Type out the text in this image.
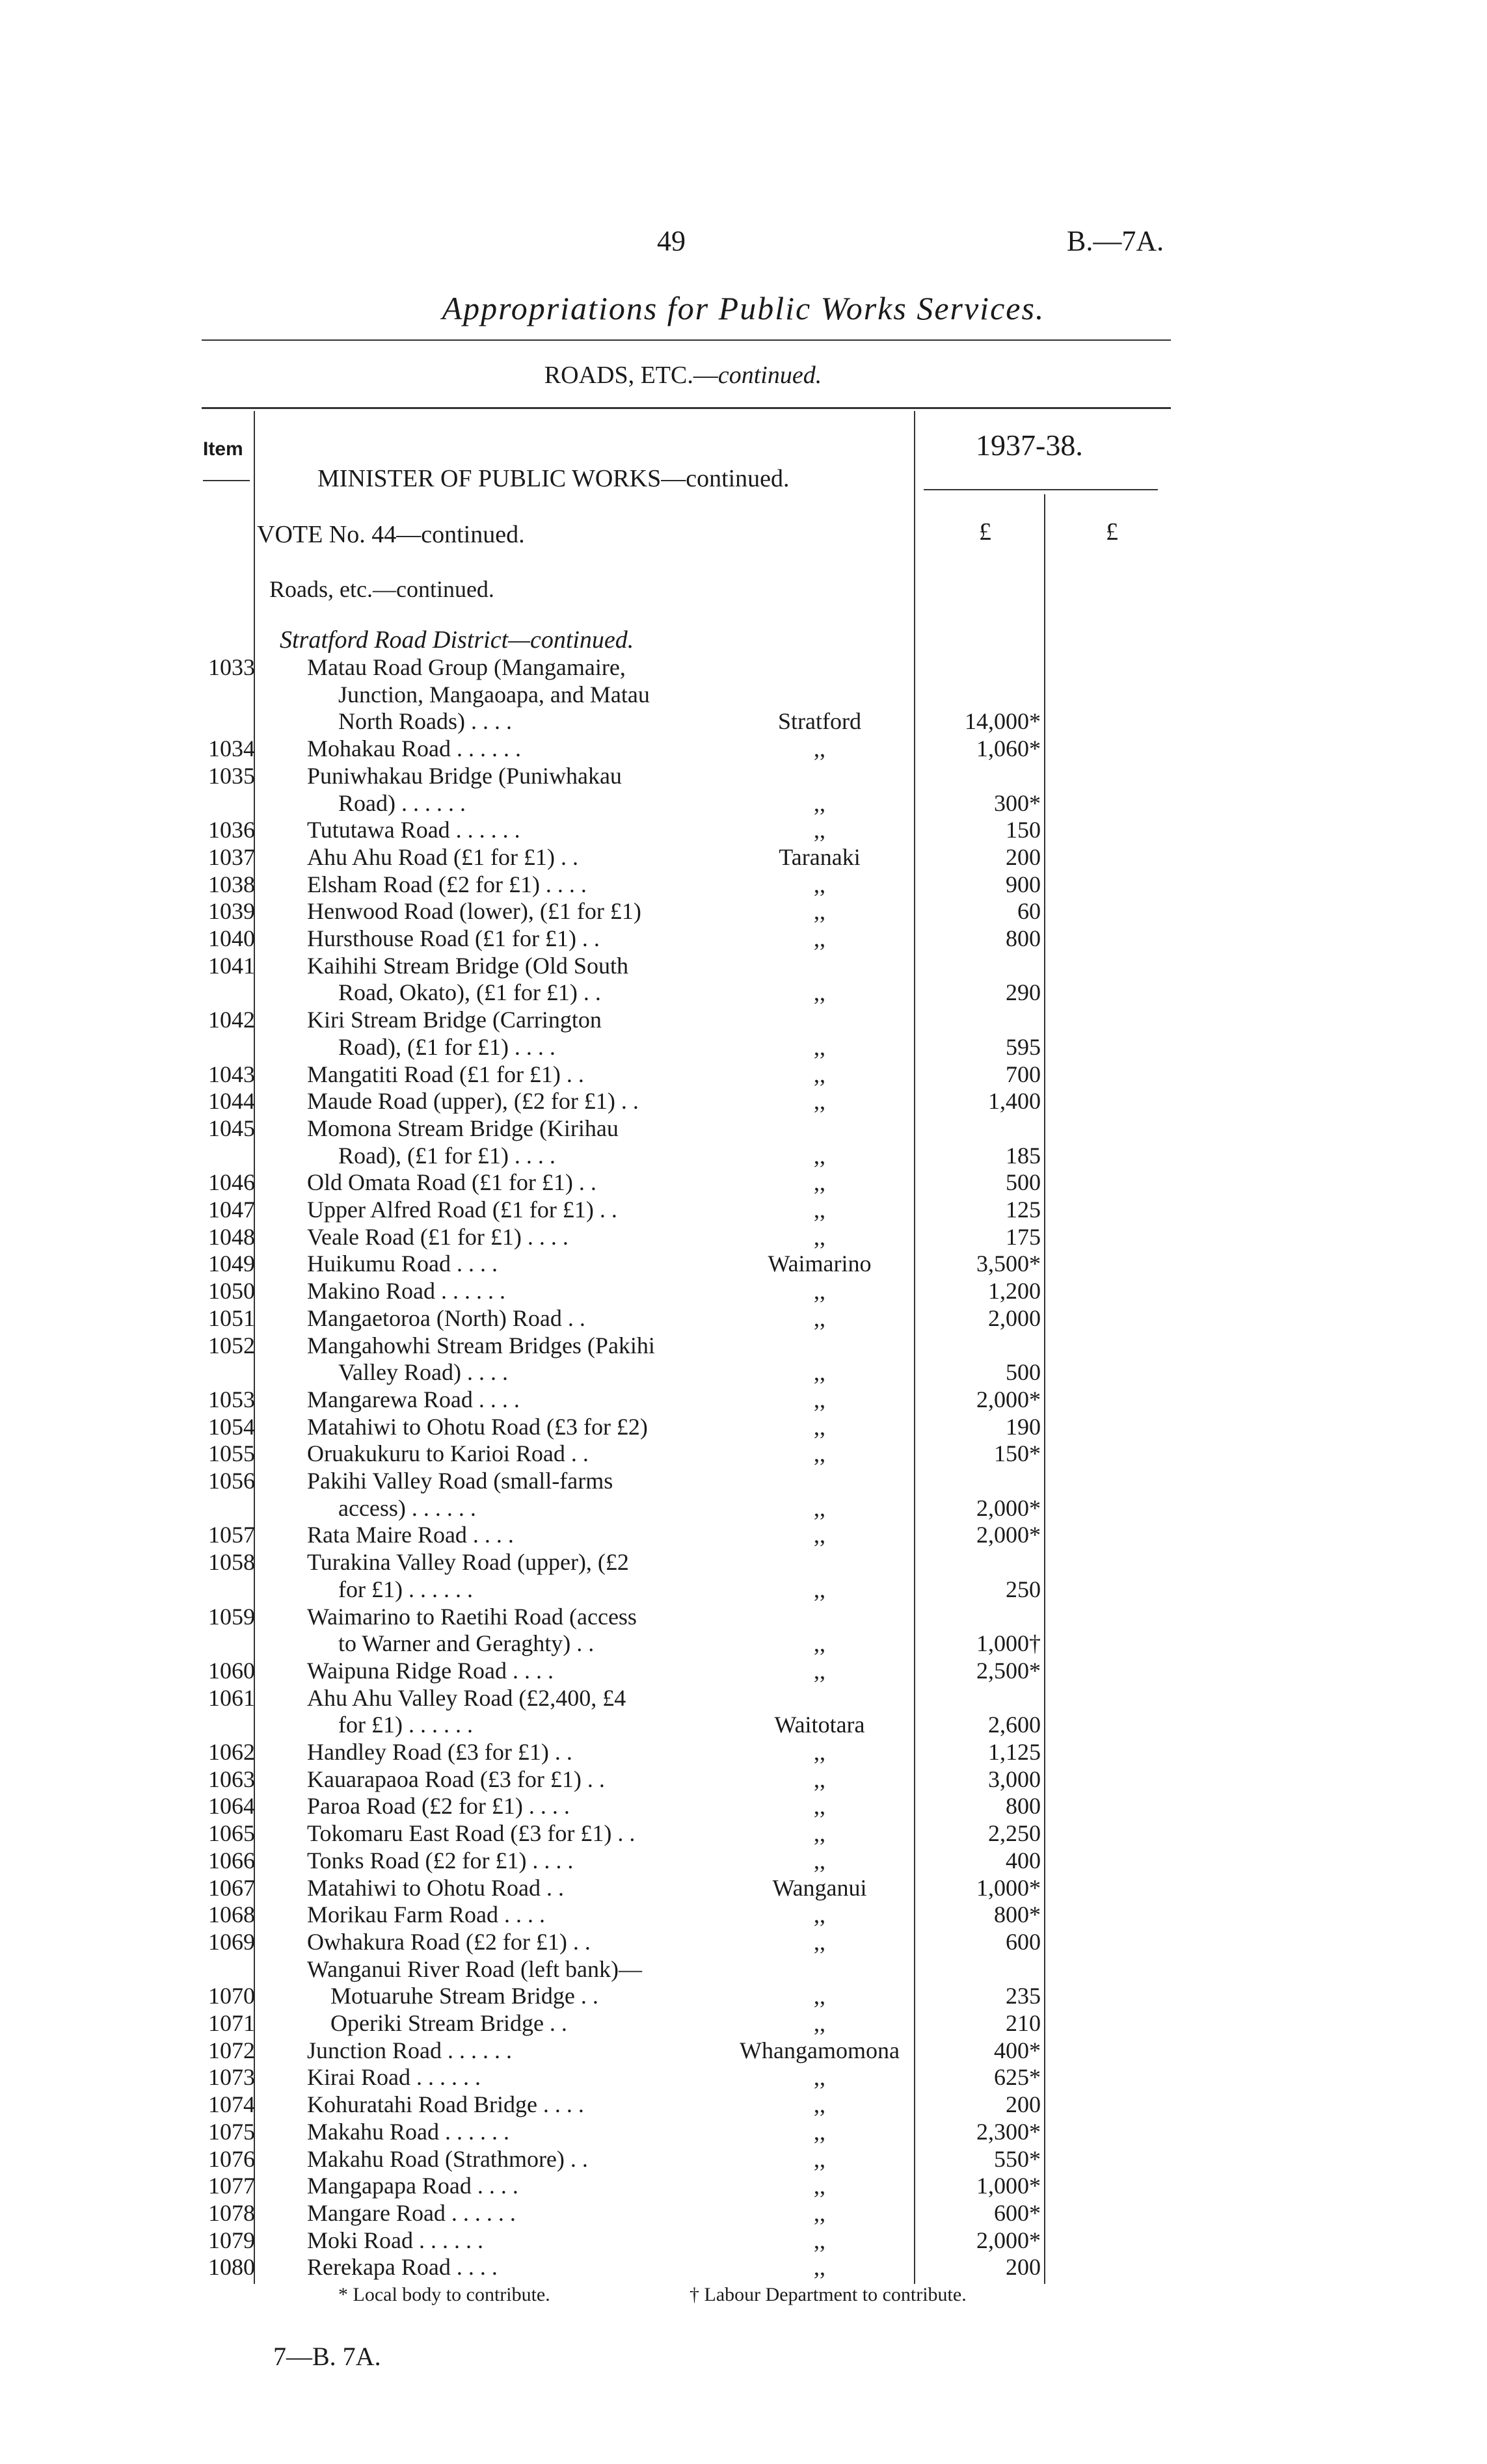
49	B.—7A.
Appropriations for Public Works Services.
ROADS, ETC.—continued.
Item	1937-38.
MINISTER OF PUBLIC WORKS—continued.
VOTE No. 44—continued.	£	£
Roads, etc.—continued.
Stratford Road District—continued.
1033 Matau Road Group (Mangamaire,
Junction, Mangaoapa, and Matau
North Roads) . . . .	Stratford	14,000*
1034 Mohakau Road . . . . . .	,,	1,060*
1035 Puniwhakau Bridge (Puniwhakau
Road) . . . . . .	,,	300*
1036 Tututawa Road . . . . . .	,,	150
1037 Ahu Ahu Road (£1 for £1) . .	Taranaki	200
1038 Elsham Road (£2 for £1) . . . .	,,	900
1039 Henwood Road (lower), (£1 for £1)	,,	60
1040 Hursthouse Road (£1 for £1) . .	,,	800
1041 Kaihihi Stream Bridge (Old South
Road, Okato), (£1 for £1) . .	,,	290
1042 Kiri Stream Bridge (Carrington
Road), (£1 for £1) . . . .	,,	595
1043 Mangatiti Road (£1 for £1) . .	,,	700
1044 Maude Road (upper), (£2 for £1) . .	,,	1,400
1045 Momona Stream Bridge (Kirihau
Road), (£1 for £1) . . . .	,,	185
1046 Old Omata Road (£1 for £1) . .	,,	500
1047 Upper Alfred Road (£1 for £1) . .	,,	125
1048 Veale Road (£1 for £1) . . . .	,,	175
1049 Huikumu Road . . . .	Waimarino	3,500*
1050 Makino Road . . . . . .	,,	1,200
1051 Mangaetoroa (North) Road . .	,,	2,000
1052 Mangahowhi Stream Bridges (Pakihi
Valley Road) . . . .	,,	500
1053 Mangarewa Road . . . .	,,	2,000*
1054 Matahiwi to Ohotu Road (£3 for £2)	,,	190
1055 Oruakukuru to Karioi Road . .	,,	150*
1056 Pakihi Valley Road (small-farms
access) . . . . . .	,,	2,000*
1057 Rata Maire Road . . . .	,,	2,000*
1058 Turakina Valley Road (upper), (£2
for £1) . . . . . .	,,	250
1059 Waimarino to Raetihi Road (access
to Warner and Geraghty) . .	,,	1,000†
1060 Waipuna Ridge Road . . . .	,,	2,500*
1061 Ahu Ahu Valley Road (£2,400, £4
for £1) . . . . . .	Waitotara	2,600
1062 Handley Road (£3 for £1) . .	,,	1,125
1063 Kauarapaoa Road (£3 for £1) . .	,,	3,000
1064 Paroa Road (£2 for £1) . . . .	,,	800
1065 Tokomaru East Road (£3 for £1) . .	,,	2,250
1066 Tonks Road (£2 for £1) . . . .	,,	400
1067 Matahiwi to Ohotu Road . .	Wanganui	1,000*
1068 Morikau Farm Road . . . .	,,	800*
1069 Owhakura Road (£2 for £1) . .	,,	600
Wanganui River Road (left bank)—
1070	Motuaruhe Stream Bridge . .	,,	235
1071	Operiki Stream Bridge . .	,,	210
1072 Junction Road . . . . . .	Whangamomona	400*
1073 Kirai Road . . . . . .	,,	625*
1074 Kohuratahi Road Bridge . . . .	,,	200
1075 Makahu Road . . . . . .	,,	2,300*
1076 Makahu Road (Strathmore) . .	,,	550*
1077 Mangapapa Road . . . .	,,	1,000*
1078 Mangare Road . . . . . .	,,	600*
1079 Moki Road . . . . . .	,,	2,000*
1080 Rerekapa Road . . . .	,,	200
* Local body to contribute.	† Labour Department to contribute.
7—B. 7A.
